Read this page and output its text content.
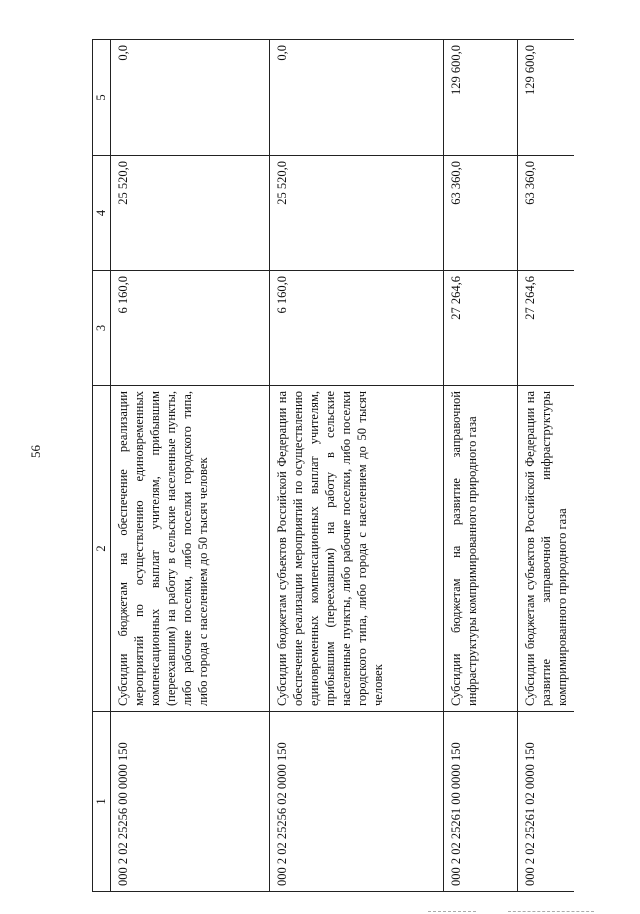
56
1	2	3	4	5
000 2 02 25256 00 0000 150	Субсидии бюджетам на обеспечение реализации мероприятий по осуществлению единовременных компенсационных выплат учителям, прибывшим (переехавшим) на работу в сельские населенные пункты, либо рабочие поселки, либо поселки городского типа, либо города с населением до 50 тысяч человек	6 160,0	25 520,0	0,0
000 2 02 25256 02 0000 150	Субсидии бюджетам субъектов Российской Федерации на обеспечение реализации мероприятий по осуществлению единовременных компенсационных выплат учителям, прибывшим (переехавшим) на работу в сельские населенные пункты, либо рабочие поселки, либо поселки городского типа, либо города с населением до 50 тысяч человек	6 160,0	25 520,0	0,0
000 2 02 25261 00 0000 150	Субсидии бюджетам на развитие заправочной инфраструктуры компримированного природного газа	27 264,6	63 360,0	129 600,0
000 2 02 25261 02 0000 150	Субсидии бюджетам субъектов Российской Федерации на развитие заправочной инфраструктуры компримированного природного газа	27 264,6	63 360,0	129 600,0
